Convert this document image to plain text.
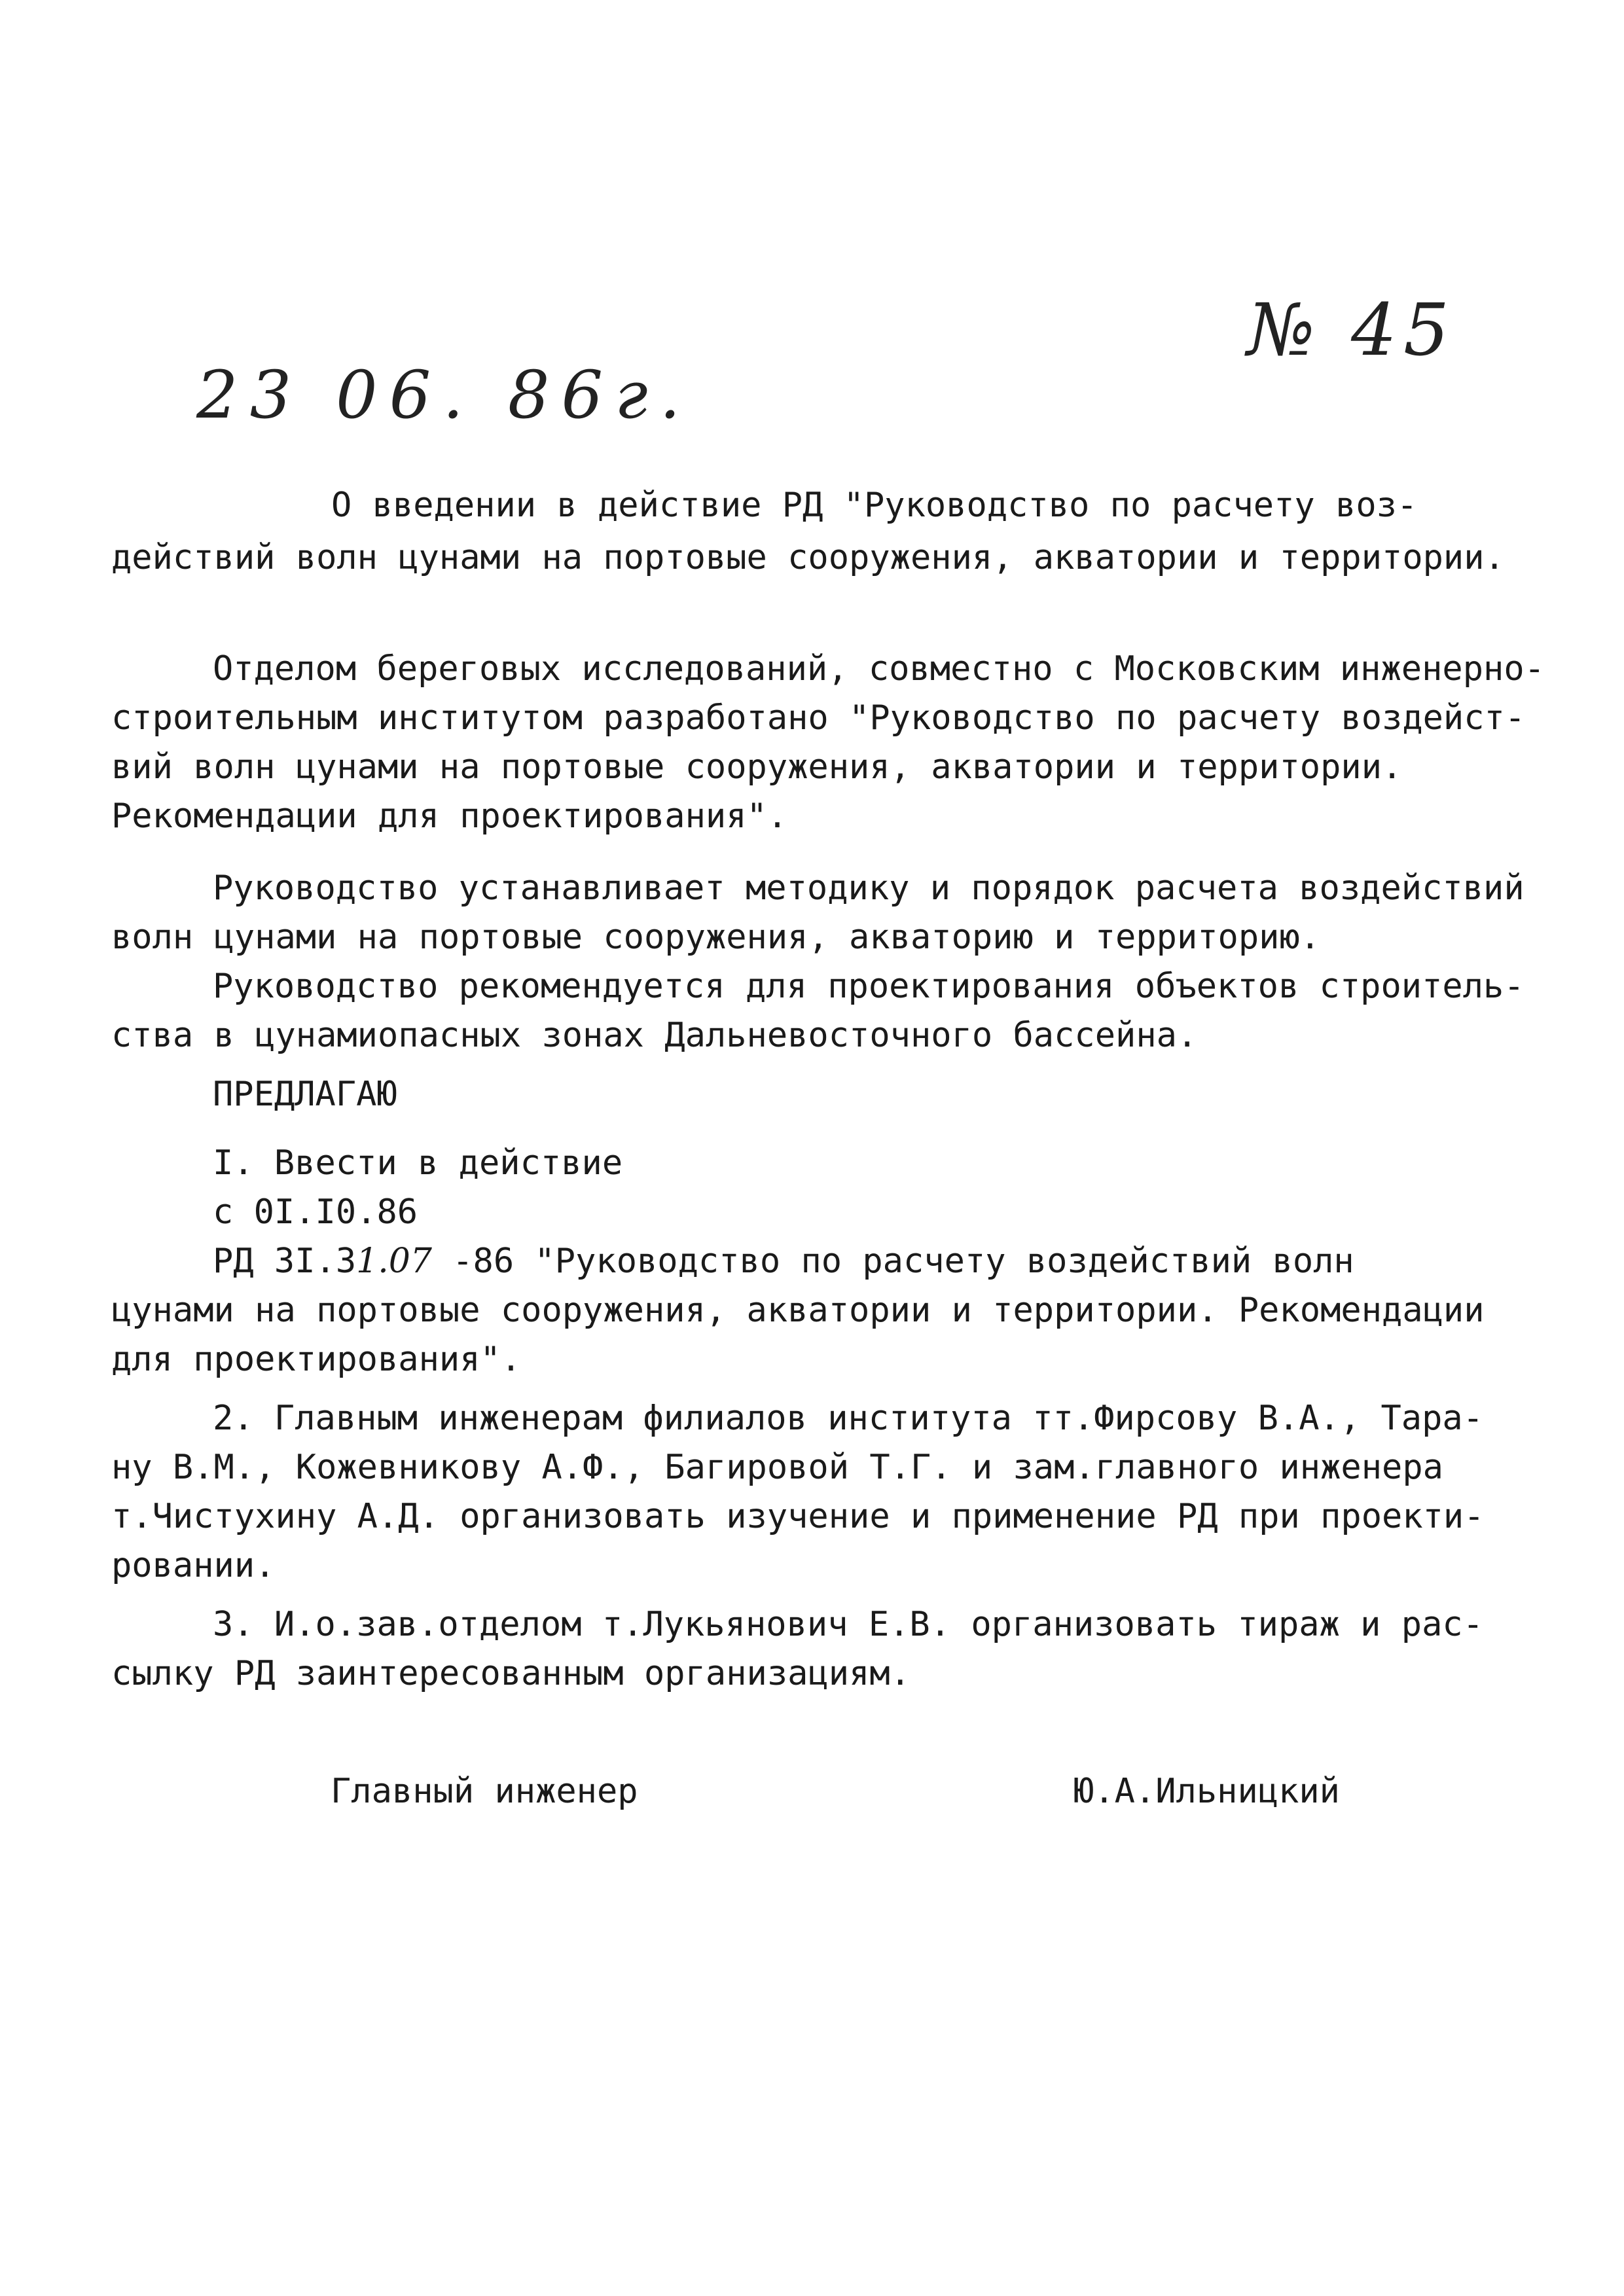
23 06. 86г.
№ 45
О введении в действие РД "Руководство по расчету воз-
действий волн цунами на портовые сооружения, акватории и территории.
Отделом береговых исследований, совместно с Московским инженерно-
строительным институтом разработано "Руководство по расчету воздейст-
вий волн цунами на портовые сооружения, акватории и территории.
Рекомендации для проектирования".
Руководство устанавливает методику и порядок расчета воздействий
волн цунами на портовые сооружения, акваторию и территорию.
Руководство рекомендуется для проектирования объектов строитель-
ства в цунамиопасных зонах Дальневосточного бассейна.
ПРЕДЛАГАЮ
I. Ввести в действие
с 0I.I0.86
РД 3I.31.07 -86 "Руководство по расчету воздействий волн
цунами на портовые сооружения, акватории и территории. Рекомендации
для проектирования".
2. Главным инженерам филиалов института тт.Фирсову В.А., Тара-
ну В.М., Кожевникову А.Ф., Багировой Т.Г. и зам.главного инженера
т.Чистухину А.Д. организовать изучение и применение РД при проекти-
ровании.
3. И.о.зав.отделом т.Лукьянович Е.В. организовать тираж и рас-
сылку РД заинтересованным организациям.
Главный инженер	Ю.А.Ильницкий
